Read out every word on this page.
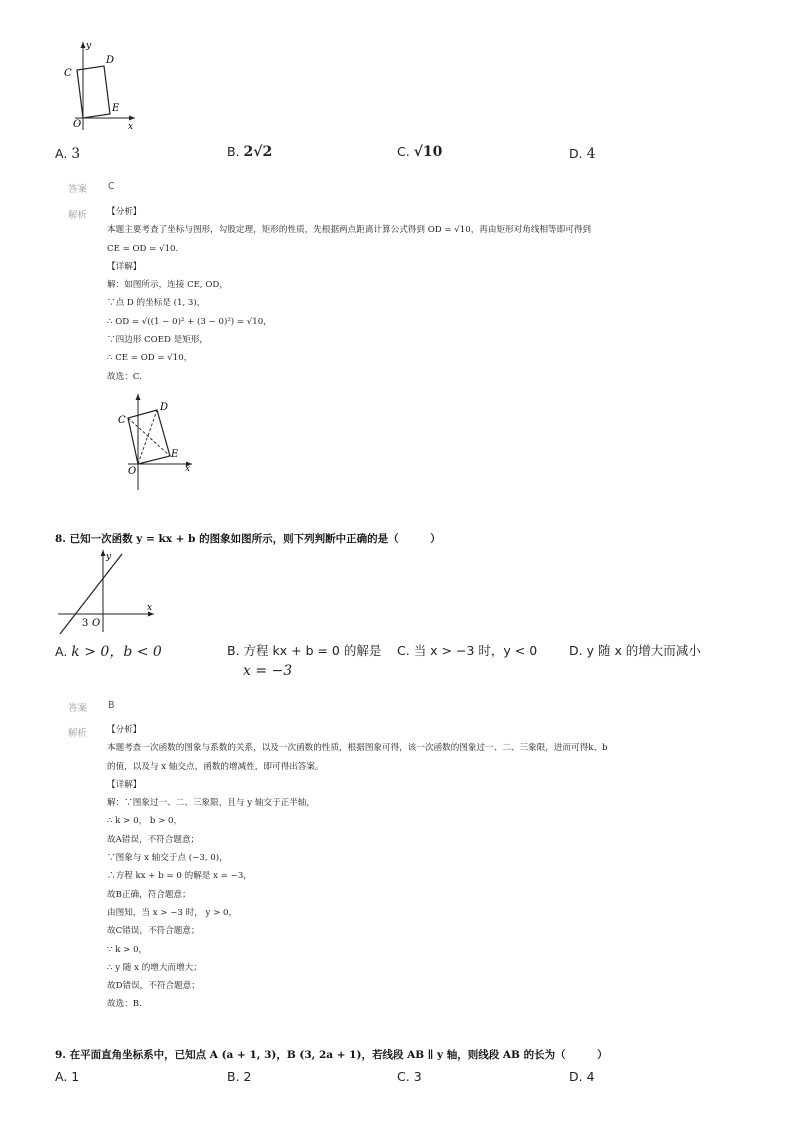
y
x
O
C
D
E
A. 3	B. 2√2	C. √10	D. 4
答案 C
解析 【分析】
本题主要考查了坐标与图形，勾股定理，矩形的性质，先根据两点距离计算公式得到 OD = √10，再由矩形对角线相等即可得到
CE = OD = √10.
【详解】
解：如图所示，连接 CE, OD，
∵点 D 的坐标是 (1, 3)，
∴ OD = √((1 − 0)² + (3 − 0)²) = √10，
∵四边形 COED 是矩形，
∴ CE = OD = √10，
故选：C.
C
D
E
O	x
8. 已知一次函数 y = kx + b 的图象如图所示，则下列判断中正确的是（　　　）
y
x
O
3
A. k > 0，b < 0	B. 方程 kx + b = 0 的解是
x = −3
C. 当 x > −3 时，y < 0	D. y 随 x 的增大而减小
答案 B
解析 【分析】
本题考查一次函数的图象与系数的关系，以及一次函数的性质，根据图象可得，该一次函数的图象过一、二、三象限，进而可得k、b
的值，以及与 x 轴交点，函数的增减性，即可得出答案。
【详解】
解：∵图象过一、二、三象限，且与 y 轴交于正半轴，
∴ k > 0， b > 0，
故A错误，不符合题意；
∵图象与 x 轴交于点 (−3, 0)，
∴方程 kx + b = 0 的解是 x = −3，
故B正确，符合题意；
由图知，当 x > −3 时， y > 0，
故C错误，不符合题意；
∵ k > 0，
∴ y 随 x 的增大而增大；
故D错误，不符合题意；
故选：B.
9. 在平面直角坐标系中，已知点 A (a + 1, 3)，B (3, 2a + 1)，若线段 AB ∥ y 轴，则线段 AB 的长为（　　　）
A. 1	B. 2	C. 3	D. 4
